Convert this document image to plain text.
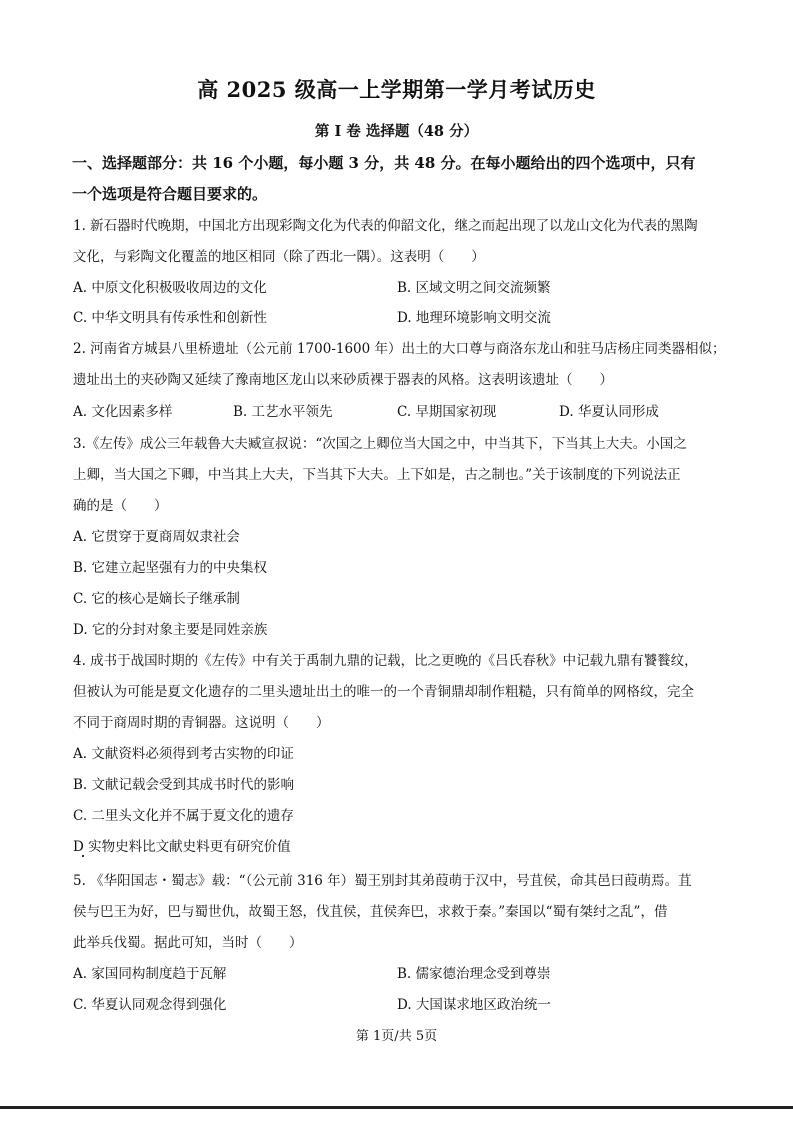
高 2025 级高一上学期第一学月考试历史
第 I 卷 选择题（48 分）
一、选择题部分：共 16 个小题，每小题 3 分，共 48 分。在每小题给出的四个选项中，只有
一个选项是符合题目要求的。
1. 新石器时代晚期，中国北方出现彩陶文化为代表的仰韶文化，继之而起出现了以龙山文化为代表的黑陶
文化，与彩陶文化覆盖的地区相同（除了西北一隅）。这表明（　　）
A. 中原文化积极吸收周边的文化	B. 区域文明之间交流频繁
C. 中华文明具有传承性和创新性	D. 地理环境影响文明交流
2. 河南省方城县八里桥遗址（公元前 1700-1600 年）出土的大口尊与商洛东龙山和驻马店杨庄同类器相似；
遗址出土的夹砂陶又延续了豫南地区龙山以来砂质裸于器表的风格。这表明该遗址（　　）
A. 文化因素多样	B. 工艺水平领先	C. 早期国家初现	D. 华夏认同形成
3.《左传》成公三年载鲁大夫臧宣叔说：“次国之上卿位当大国之中，中当其下，下当其上大夫。小国之
上卿，当大国之下卿，中当其上大夫，下当其下大夫。上下如是，古之制也。”关于该制度的下列说法正
确的是（　　）
A. 它贯穿于夏商周奴隶社会
B. 它建立起坚强有力的中央集权
C. 它的核心是嫡长子继承制
D. 它的分封对象主要是同姓亲族
4. 成书于战国时期的《左传》中有关于禹制九鼎的记载，比之更晚的《吕氏春秋》中记载九鼎有饕餮纹，
但被认为可能是夏文化遗存的二里头遗址出土的唯一的一个青铜鼎却制作粗糙，只有简单的网格纹，完全
不同于商周时期的青铜器。这说明（　　）
A. 文献资料必须得到考古实物的印证
B. 文献记载会受到其成书时代的影响
C. 二里头文化并不属于夏文化的遗存
D 实物史料比文献史料更有研究价值
5. 《华阳国志・蜀志》载：“（公元前 316 年）蜀王别封其弟葭萌于汉中，号苴侯，命其邑曰葭萌焉。苴
侯与巴王为好，巴与蜀世仇，故蜀王怒，伐苴侯，苴侯奔巴，求救于秦。”秦国以“蜀有桀纣之乱”，借
此举兵伐蜀。据此可知，当时（　　）
A. 家国同构制度趋于瓦解	B. 儒家德治理念受到尊崇
C. 华夏认同观念得到强化	D. 大国谋求地区政治统一
第 1页/共 5页
